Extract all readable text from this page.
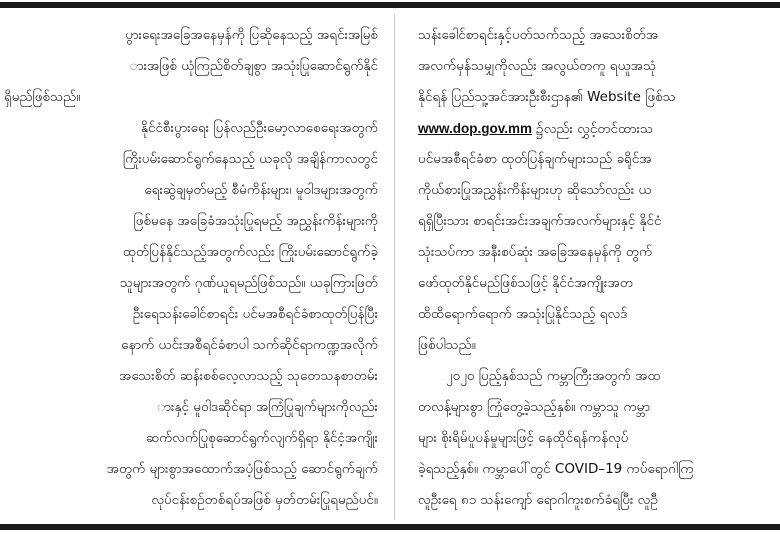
ပွားရေးအခြေအနေမှန်ကို ပြဆိုနေသည့် အရင်းအမြစ်
ားအဖြစ် ယုံကြည်စိတ်ချစွာ အသုံးပြုဆောင်ရွက်နိုင်
ရှိမည်ဖြစ်သည်။
နိုင်ငံစီးပွားရေး ပြန်လည်ဦးမော့လာစေရေးအတွက်
ကြိုးပမ်းဆောင်ရွက်နေသည့် ယခုလို အချိန်ကာလတွင်
ရေးဆွဲချမှတ်မည့် စီမံကိန်းများ၊ မူဝါဒများအတွက်
ဖြစ်မနေ အခြေခံအသုံးပြုရမည့် အညွှန်းကိန်းများကို
ထုတ်ပြန်နိုင်သည့်အတွက်လည်း ကြိုးပမ်းဆောင်ရွက်ခဲ့
သူများအတွက် ဂုဏ်ယူရမည်ဖြစ်သည်။ ယခုကြားဖြတ်
ဦးရေသန်းခေါင်စာရင်း ပင်မအစီရင်ခံစာထုတ်ပြန်ပြီး
နောက် ယင်းအစီရင်ခံစာပါ သက်ဆိုင်ရာကဏ္ဍအလိုက်
အသေးစိတ် ဆန်းစစ်လေ့လာသည့် သုတေသနစာတမ်း
ားနှင့် မူဝါဒဆိုင်ရာ အကြံပြုချက်များကိုလည်း
ဆက်လက်ပြုစုဆောင်ရွက်လျက်ရှိရာ နိုင်ငံ့အကျိုး
အတွက် များစွာအထောက်အပံ့ဖြစ်သည့် ဆောင်ရွက်ချက်
လုပ်ငန်းစဉ်တစ်ရပ်အဖြစ် မှတ်တမ်းပြုရမည်ပင်။
သန်းခေါင်စာရင်းနှင့်ပတ်သက်သည့် အသေးစိတ်အ
အလက်မှန်သမျှကိုလည်း အလွယ်တကူ ရယူအသုံ
နိုင်ရန် ပြည်သူ့အင်အားဦးစီးဌာန၏ Website ဖြစ်သ
www.dop.gov.mm ၌လည်း လွှင့်တင်ထားသ
ပင်မအစီရင်ခံစာ ထုတ်ပြန်ချက်များသည် ခရိုင်အ
ကိုယ်စားပြုအညွှန်းကိန်းများဟု ဆိုသော်လည်း ယ
ရရှိပြီးသား စာရင်းအင်းအချက်အလက်များနှင့် နိုင်ငံ
သုံးသပ်ကာ အနီးစပ်ဆုံး အခြေအနေမှန်ကို တွက်
ဖော်ထုတ်နိုင်မည်ဖြစ်သဖြင့် နိုင်ငံအကျိုးအတ
ထိထိရောက်ရောက် အသုံးပြုနိုင်သည့် ရလဒ်
ဖြစ်ပါသည်။
၂၀၂၀ ပြည့်နှစ်သည် ကမ္ဘာကြီးအတွက် အထ
တလန့်များစွာ ကြုံတွေ့ခဲ့သည့်နှစ်။ ကမ္ဘာသူ ကမ္ဘာ
များ စိုးရိမ်ပူပန်မှုများဖြင့် နေထိုင်ရန်ကန်လုပ်
ခဲ့ရသည့်နှစ်။ ကမ္ဘာပေါ်တွင် COVID–19 ကပ်ရောဂါကြ
လူဦးရေ ၈၁ သန်းကျော် ရောဂါကူးစက်ခံရပြီး လူဦ
